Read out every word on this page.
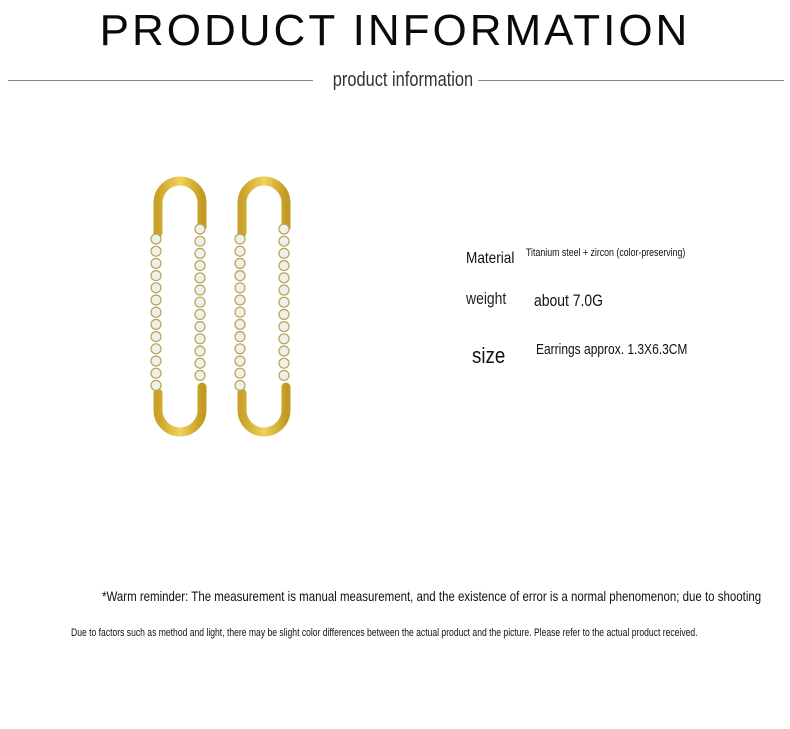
PRODUCT INFORMATION
product information
Material Titanium steel + zircon (color-preserving)
weight about 7.0G
size Earrings approx. 1.3X6.3CM
*Warm reminder: The measurement is manual measurement, and the existence of error is a normal phenomenon; due to shooting
Due to factors such as method and light, there may be slight color differences between the actual product and the picture. Please refer to the actual product received.
